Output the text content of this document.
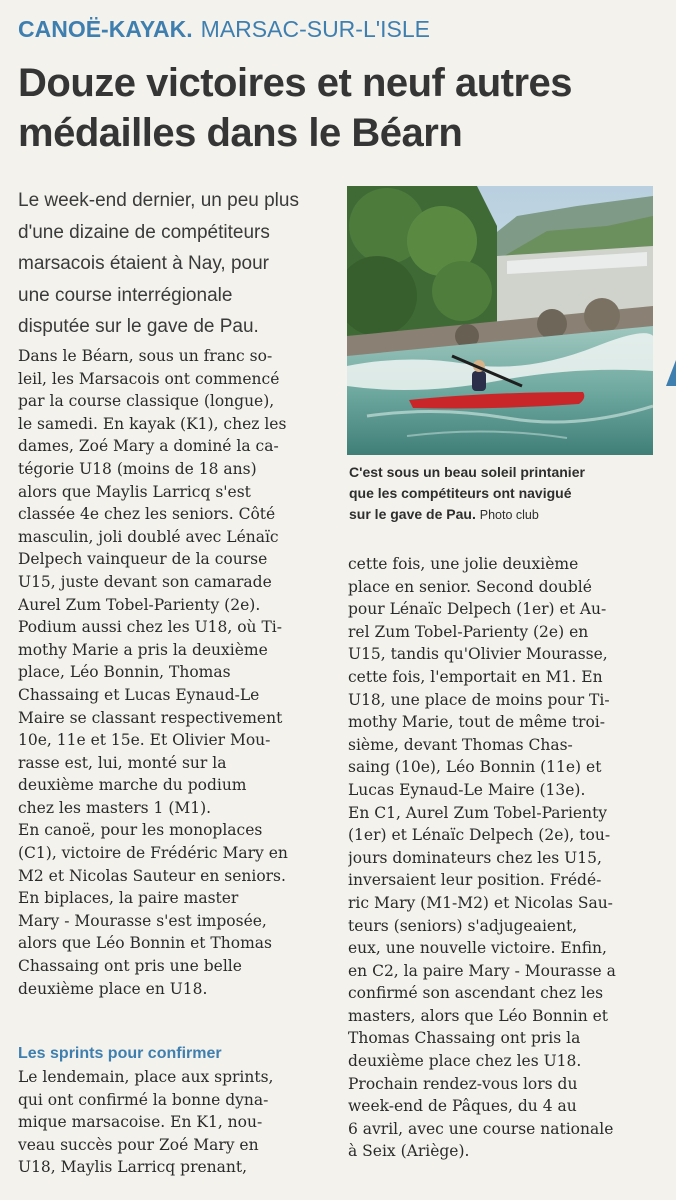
CANOË-KAYAK. MARSAC-SUR-L'ISLE
Douze victoires et neuf autres
médailles dans le Béarn
Le week-end dernier, un peu plus
d'une dizaine de compétiteurs
marsacois étaient à Nay, pour
une course interrégionale
disputée sur le gave de Pau.
Dans le Béarn, sous un franc so-
leil, les Marsacois ont commencé
par la course classique (longue),
le samedi. En kayak (K1), chez les
dames, Zoé Mary a dominé la ca-
tégorie U18 (moins de 18 ans)
alors que Maylis Larricq s'est
classée 4e chez les seniors. Côté
masculin, joli doublé avec Lénaïc
Delpech vainqueur de la course
U15, juste devant son camarade
Aurel Zum Tobel-Parienty (2e).
Podium aussi chez les U18, où Ti-
mothy Marie a pris la deuxième
place, Léo Bonnin, Thomas
Chassaing et Lucas Eynaud-Le
Maire se classant respectivement
10e, 11e et 15e. Et Olivier Mou-
rasse est, lui, monté sur la
deuxième marche du podium
chez les masters 1 (M1).
En canoë, pour les monoplaces
(C1), victoire de Frédéric Mary en
M2 et Nicolas Sauteur en seniors.
En biplaces, la paire master
Mary - Mourasse s'est imposée,
alors que Léo Bonnin et Thomas
Chassaing ont pris une belle
deuxième place en U18.
Les sprints pour confirmer
Le lendemain, place aux sprints,
qui ont confirmé la bonne dyna-
mique marsacoise. En K1, nou-
veau succès pour Zoé Mary en
U18, Maylis Larricq prenant,
cette fois, une jolie deuxième
place en senior. Second doublé
pour Lénaïc Delpech (1er) et Au-
rel Zum Tobel-Parienty (2e) en
U15, tandis qu'Olivier Mourasse,
cette fois, l'emportait en M1. En
U18, une place de moins pour Ti-
mothy Marie, tout de même troi-
sième, devant Thomas Chas-
saing (10e), Léo Bonnin (11e) et
Lucas Eynaud-Le Maire (13e).
En C1, Aurel Zum Tobel-Parienty
(1er) et Lénaïc Delpech (2e), tou-
jours dominateurs chez les U15,
inversaient leur position. Frédé-
ric Mary (M1-M2) et Nicolas Sau-
teurs (seniors) s'adjugeaient,
eux, une nouvelle victoire. Enfin,
en C2, la paire Mary - Mourasse a
confirmé son ascendant chez les
masters, alors que Léo Bonnin et
Thomas Chassaing ont pris la
deuxième place chez les U18.
Prochain rendez-vous lors du
week-end de Pâques, du 4 au
6 avril, avec une course nationale
à Seix (Ariège).
C'est sous un beau soleil printanier
que les compétiteurs ont navigué
sur le gave de Pau. Photo club
